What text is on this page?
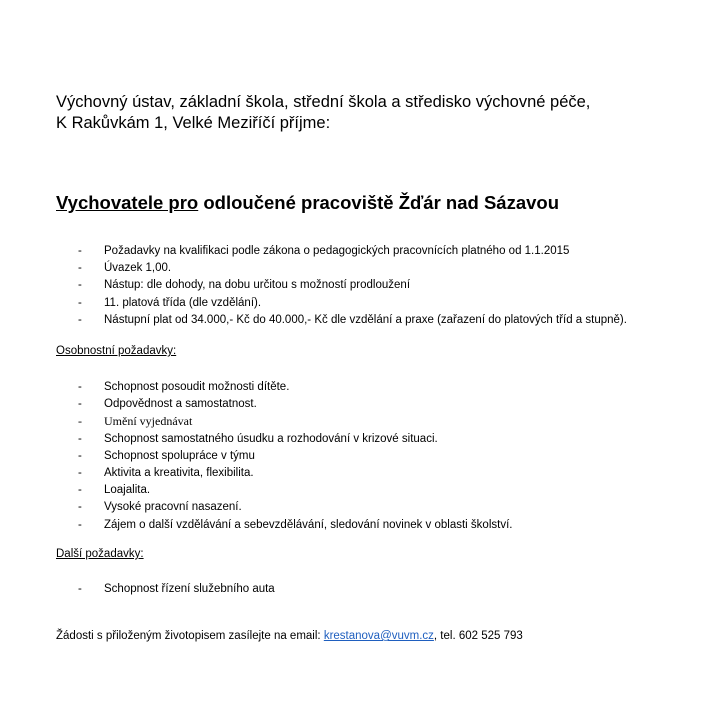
Výchovný ústav, základní škola, střední škola a středisko výchovné péče,
K Rakůvkám 1, Velké Meziříčí příjme:
Vychovatele pro odloučené pracoviště Žďár nad Sázavou
-	Požadavky na kvalifikaci podle zákona o pedagogických pracovnících platného od 1.1.2015
-	Úvazek 1,00.
-	Nástup: dle dohody, na dobu určitou s možností prodloužení
-	11. platová třída (dle vzdělání).
-	Nástupní plat od 34.000,- Kč do 40.000,- Kč dle vzdělání a praxe (zařazení do platových tříd a stupně).
Osobnostní požadavky:
-	Schopnost posoudit možnosti dítěte.
-	Odpovědnost a samostatnost.
-	Umění vyjednávat
-	Schopnost samostatného úsudku a rozhodování v krizové situaci.
-	Schopnost spolupráce v týmu
-	Aktivita a kreativita, flexibilita.
-	Loajalita.
-	Vysoké pracovní nasazení.
-	Zájem o další vzdělávání a sebevzdělávání, sledování novinek v oblasti školství.
Další požadavky:
-	Schopnost řízení služebního auta
Žádosti s přiloženým životopisem zasílejte na email: krestanova@vuvm.cz, tel. 602 525 793
